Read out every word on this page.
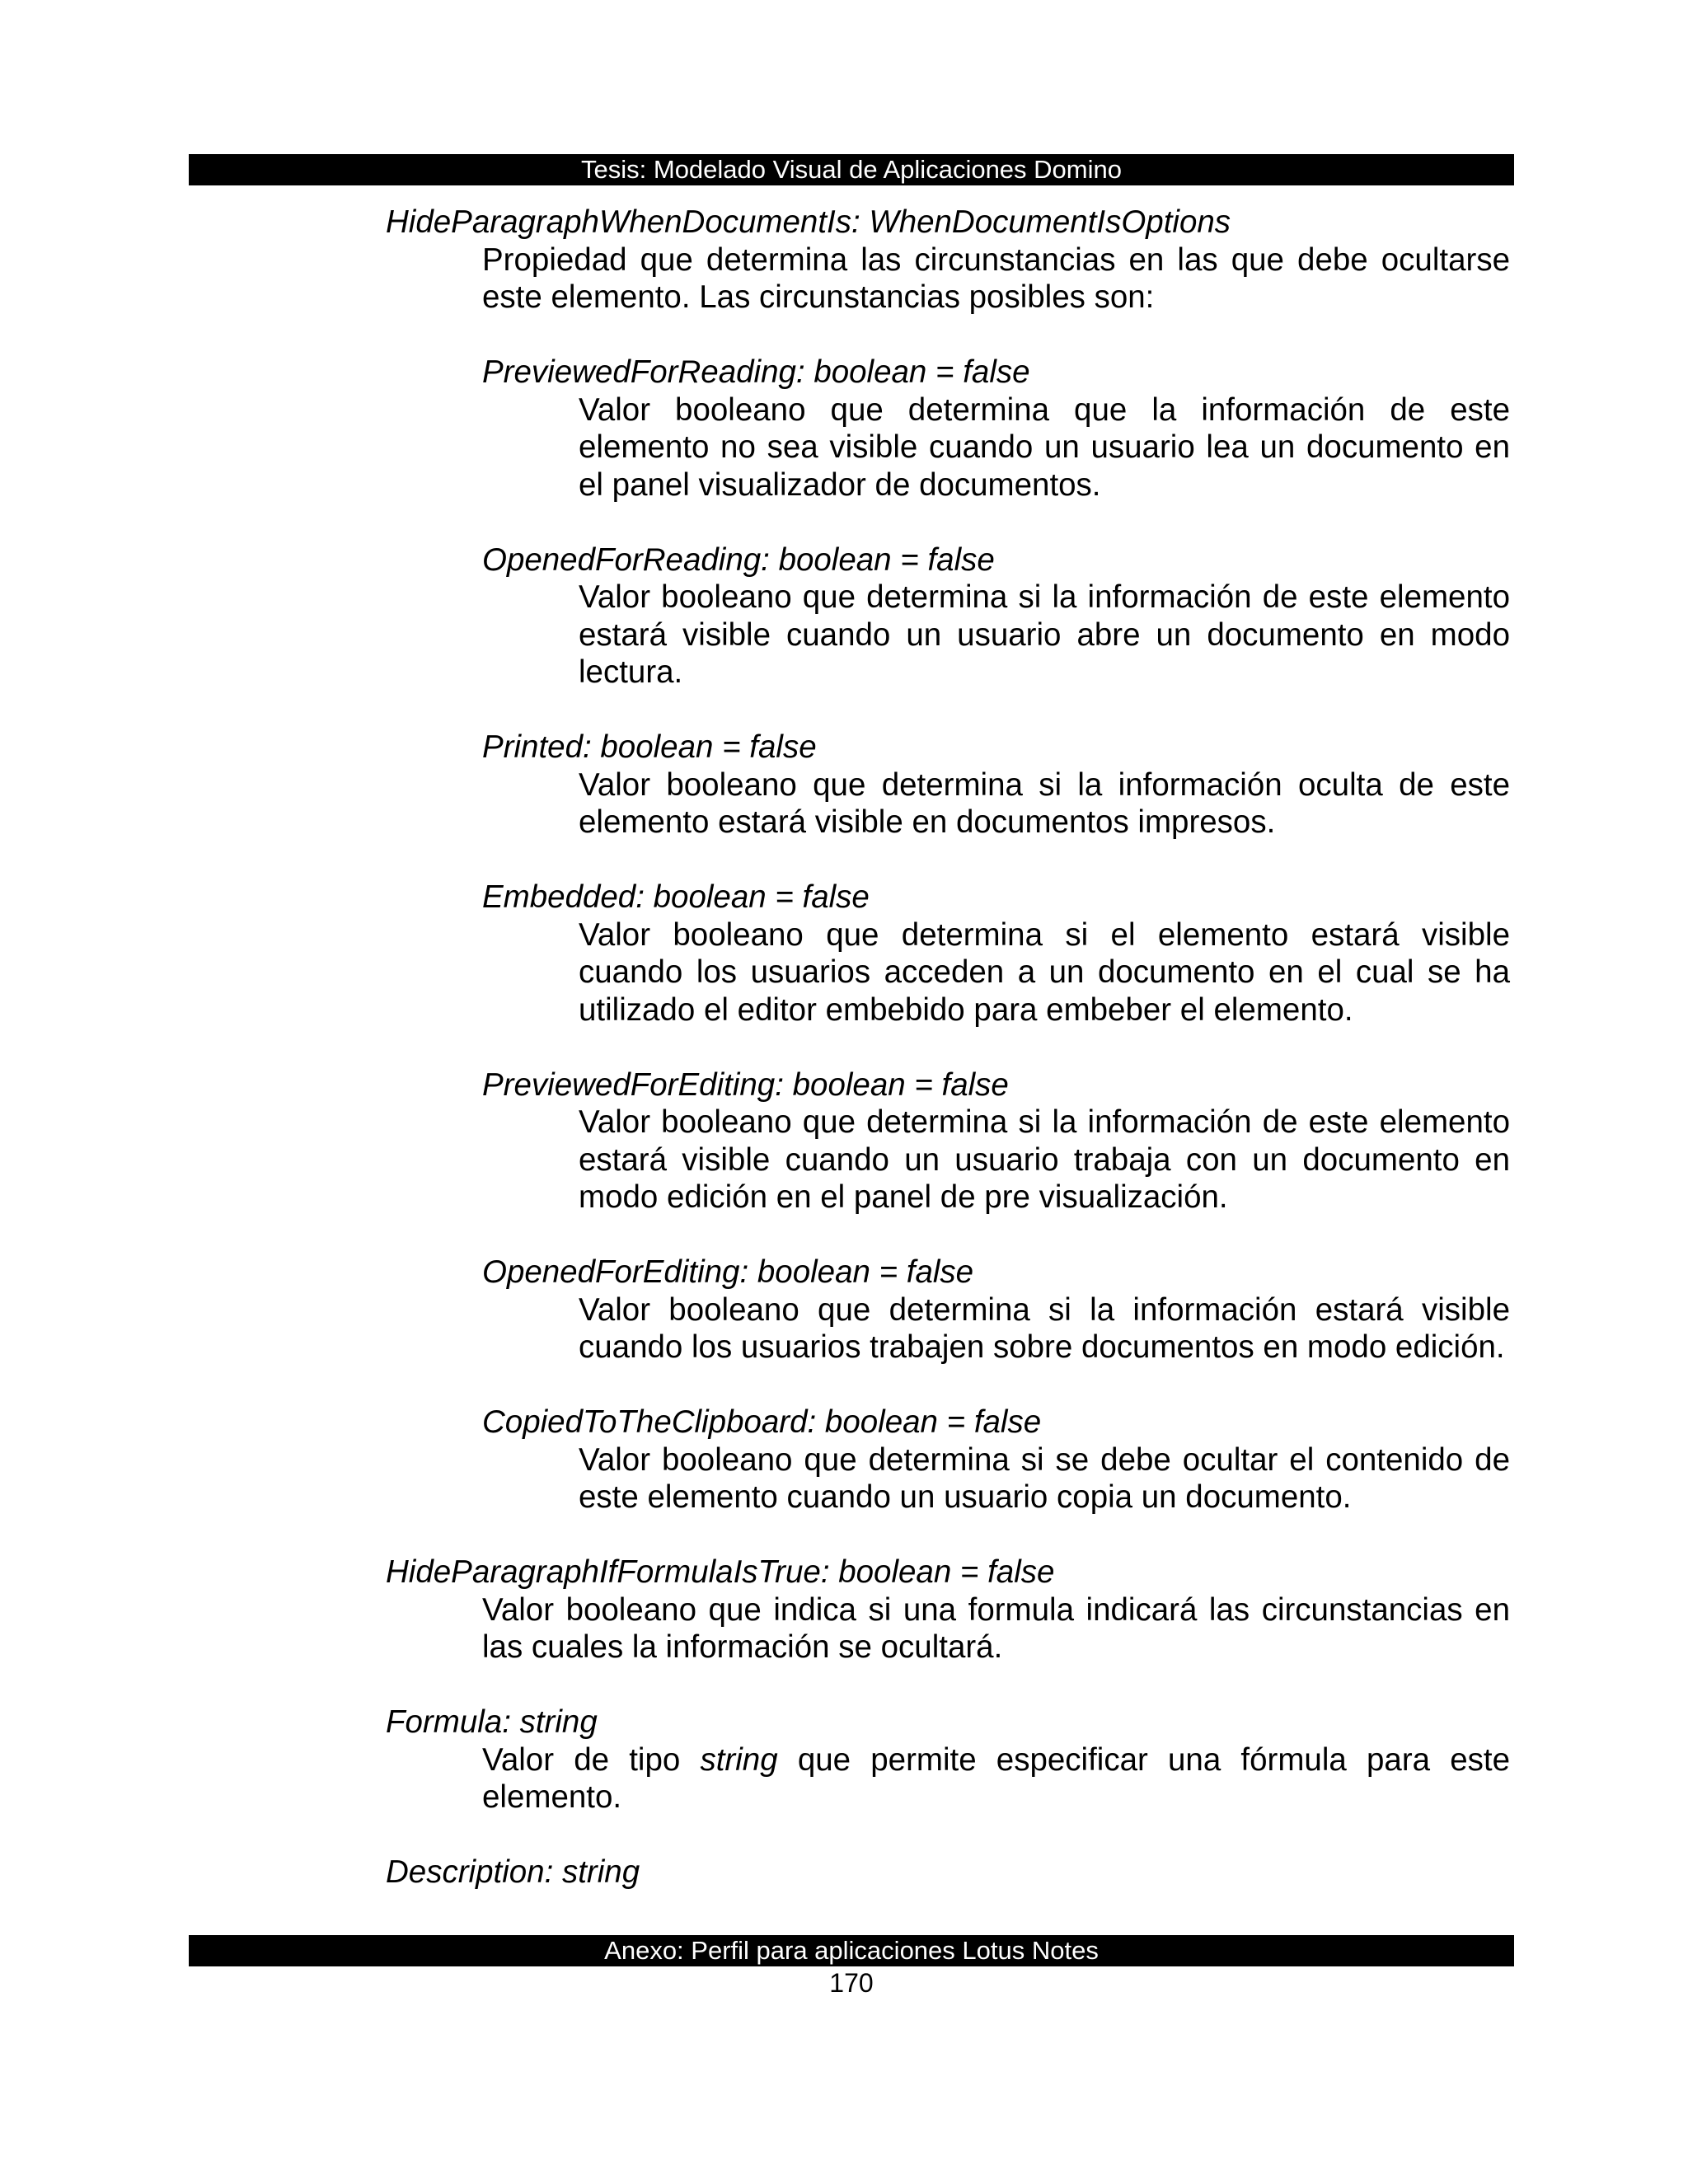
Tesis: Modelado Visual de Aplicaciones Domino

HideParagraphWhenDocumentIs: WhenDocumentIsOptions

Propiedad que determina las circunstancias en las que debe ocultarse este elemento. Las circunstancias posibles son:

PreviewedForReading: boolean = false

Valor booleano que determina que la información de este elemento no sea visible cuando un usuario lea un documento en el panel visualizador de documentos.

OpenedForReading: boolean = false

Valor booleano que determina si la información de este elemento estará visible cuando un usuario abre un documento en modo lectura.

Printed: boolean = false

Valor booleano que determina si la información oculta de este elemento estará visible en documentos impresos.

Embedded: boolean = false

Valor booleano que determina si el elemento estará visible cuando los usuarios acceden a un documento en el cual se ha utilizado el editor embebido para embeber el elemento.

PreviewedForEditing: boolean = false

Valor booleano que determina si la información de este elemento estará visible cuando un usuario trabaja con un documento en modo edición en el panel de pre visualización.

OpenedForEditing: boolean = false

Valor booleano que determina si la información estará visible cuando los usuarios trabajen sobre documentos en modo edición.

CopiedToTheClipboard: boolean = false

Valor booleano que determina si se debe ocultar el contenido de este elemento cuando un usuario copia un documento.

HideParagraphIfFormulaIsTrue: boolean = false

Valor booleano que indica si una formula indicará las circunstancias en las cuales la información se ocultará.

Formula: string

Valor de tipo string que permite especificar una fórmula para este elemento.

Description: string

Anexo: Perfil para aplicaciones Lotus Notes
170
